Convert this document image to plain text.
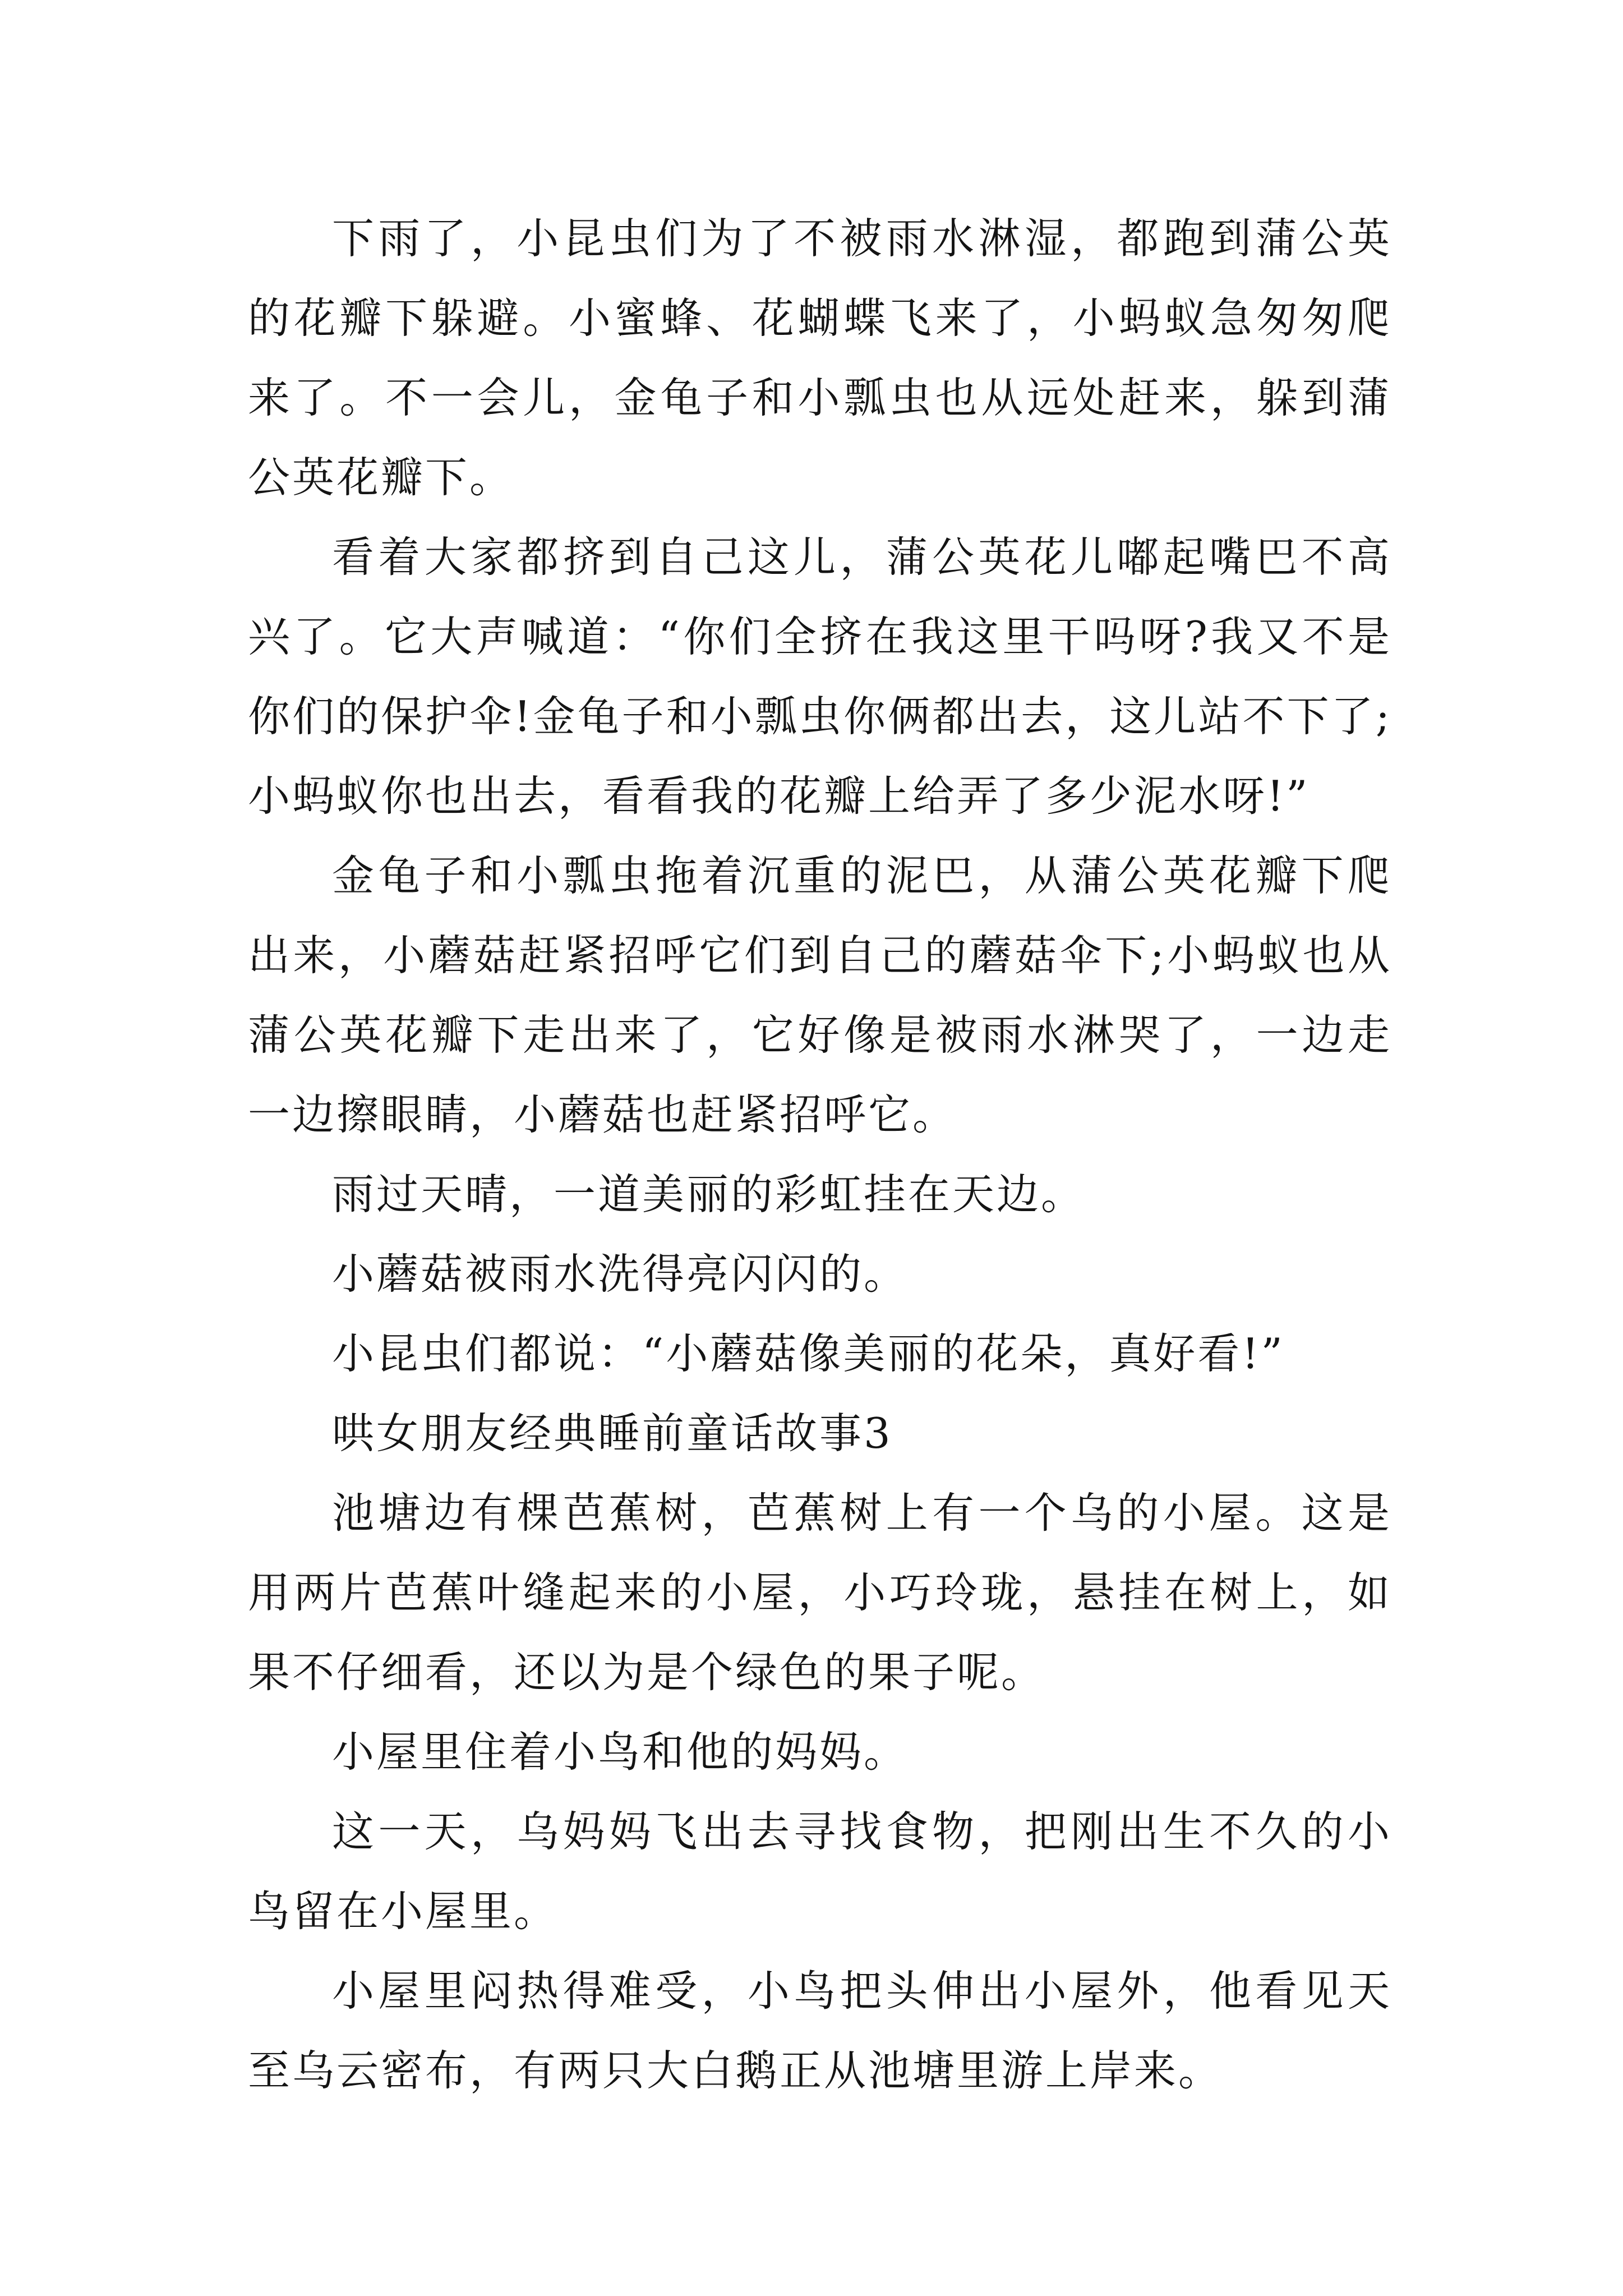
下雨了，小昆虫们为了不被雨水淋湿，都跑到蒲公英的花瓣下躲避。小蜜蜂、花蝴蝶飞来了，小蚂蚁急匆匆爬来了。不一会儿，金龟子和小瓢虫也从远处赶来，躲到蒲公英花瓣下。

看着大家都挤到自己这儿，蒲公英花儿嘟起嘴巴不高兴了。它大声喊道：“你们全挤在我这里干吗呀?我又不是你们的保护伞!金龟子和小瓢虫你俩都出去，这儿站不下了;小蚂蚁你也出去，看看我的花瓣上给弄了多少泥水呀!”

金龟子和小瓢虫拖着沉重的泥巴，从蒲公英花瓣下爬出来，小蘑菇赶紧招呼它们到自己的蘑菇伞下;小蚂蚁也从蒲公英花瓣下走出来了，它好像是被雨水淋哭了，一边走一边擦眼睛，小蘑菇也赶紧招呼它。

雨过天晴，一道美丽的彩虹挂在天边。

小蘑菇被雨水洗得亮闪闪的。

小昆虫们都说：“小蘑菇像美丽的花朵，真好看!”

哄女朋友经典睡前童话故事3

池塘边有棵芭蕉树，芭蕉树上有一个乌的小屋。这是用两片芭蕉叶缝起来的小屋，小巧玲珑，悬挂在树上，如果不仔细看，还以为是个绿色的果子呢。

小屋里住着小鸟和他的妈妈。

这一天，乌妈妈飞出去寻找食物，把刚出生不久的小鸟留在小屋里。

小屋里闷热得难受，小鸟把头伸出小屋外，他看见天至乌云密布，有两只大白鹅正从池塘里游上岸来。
